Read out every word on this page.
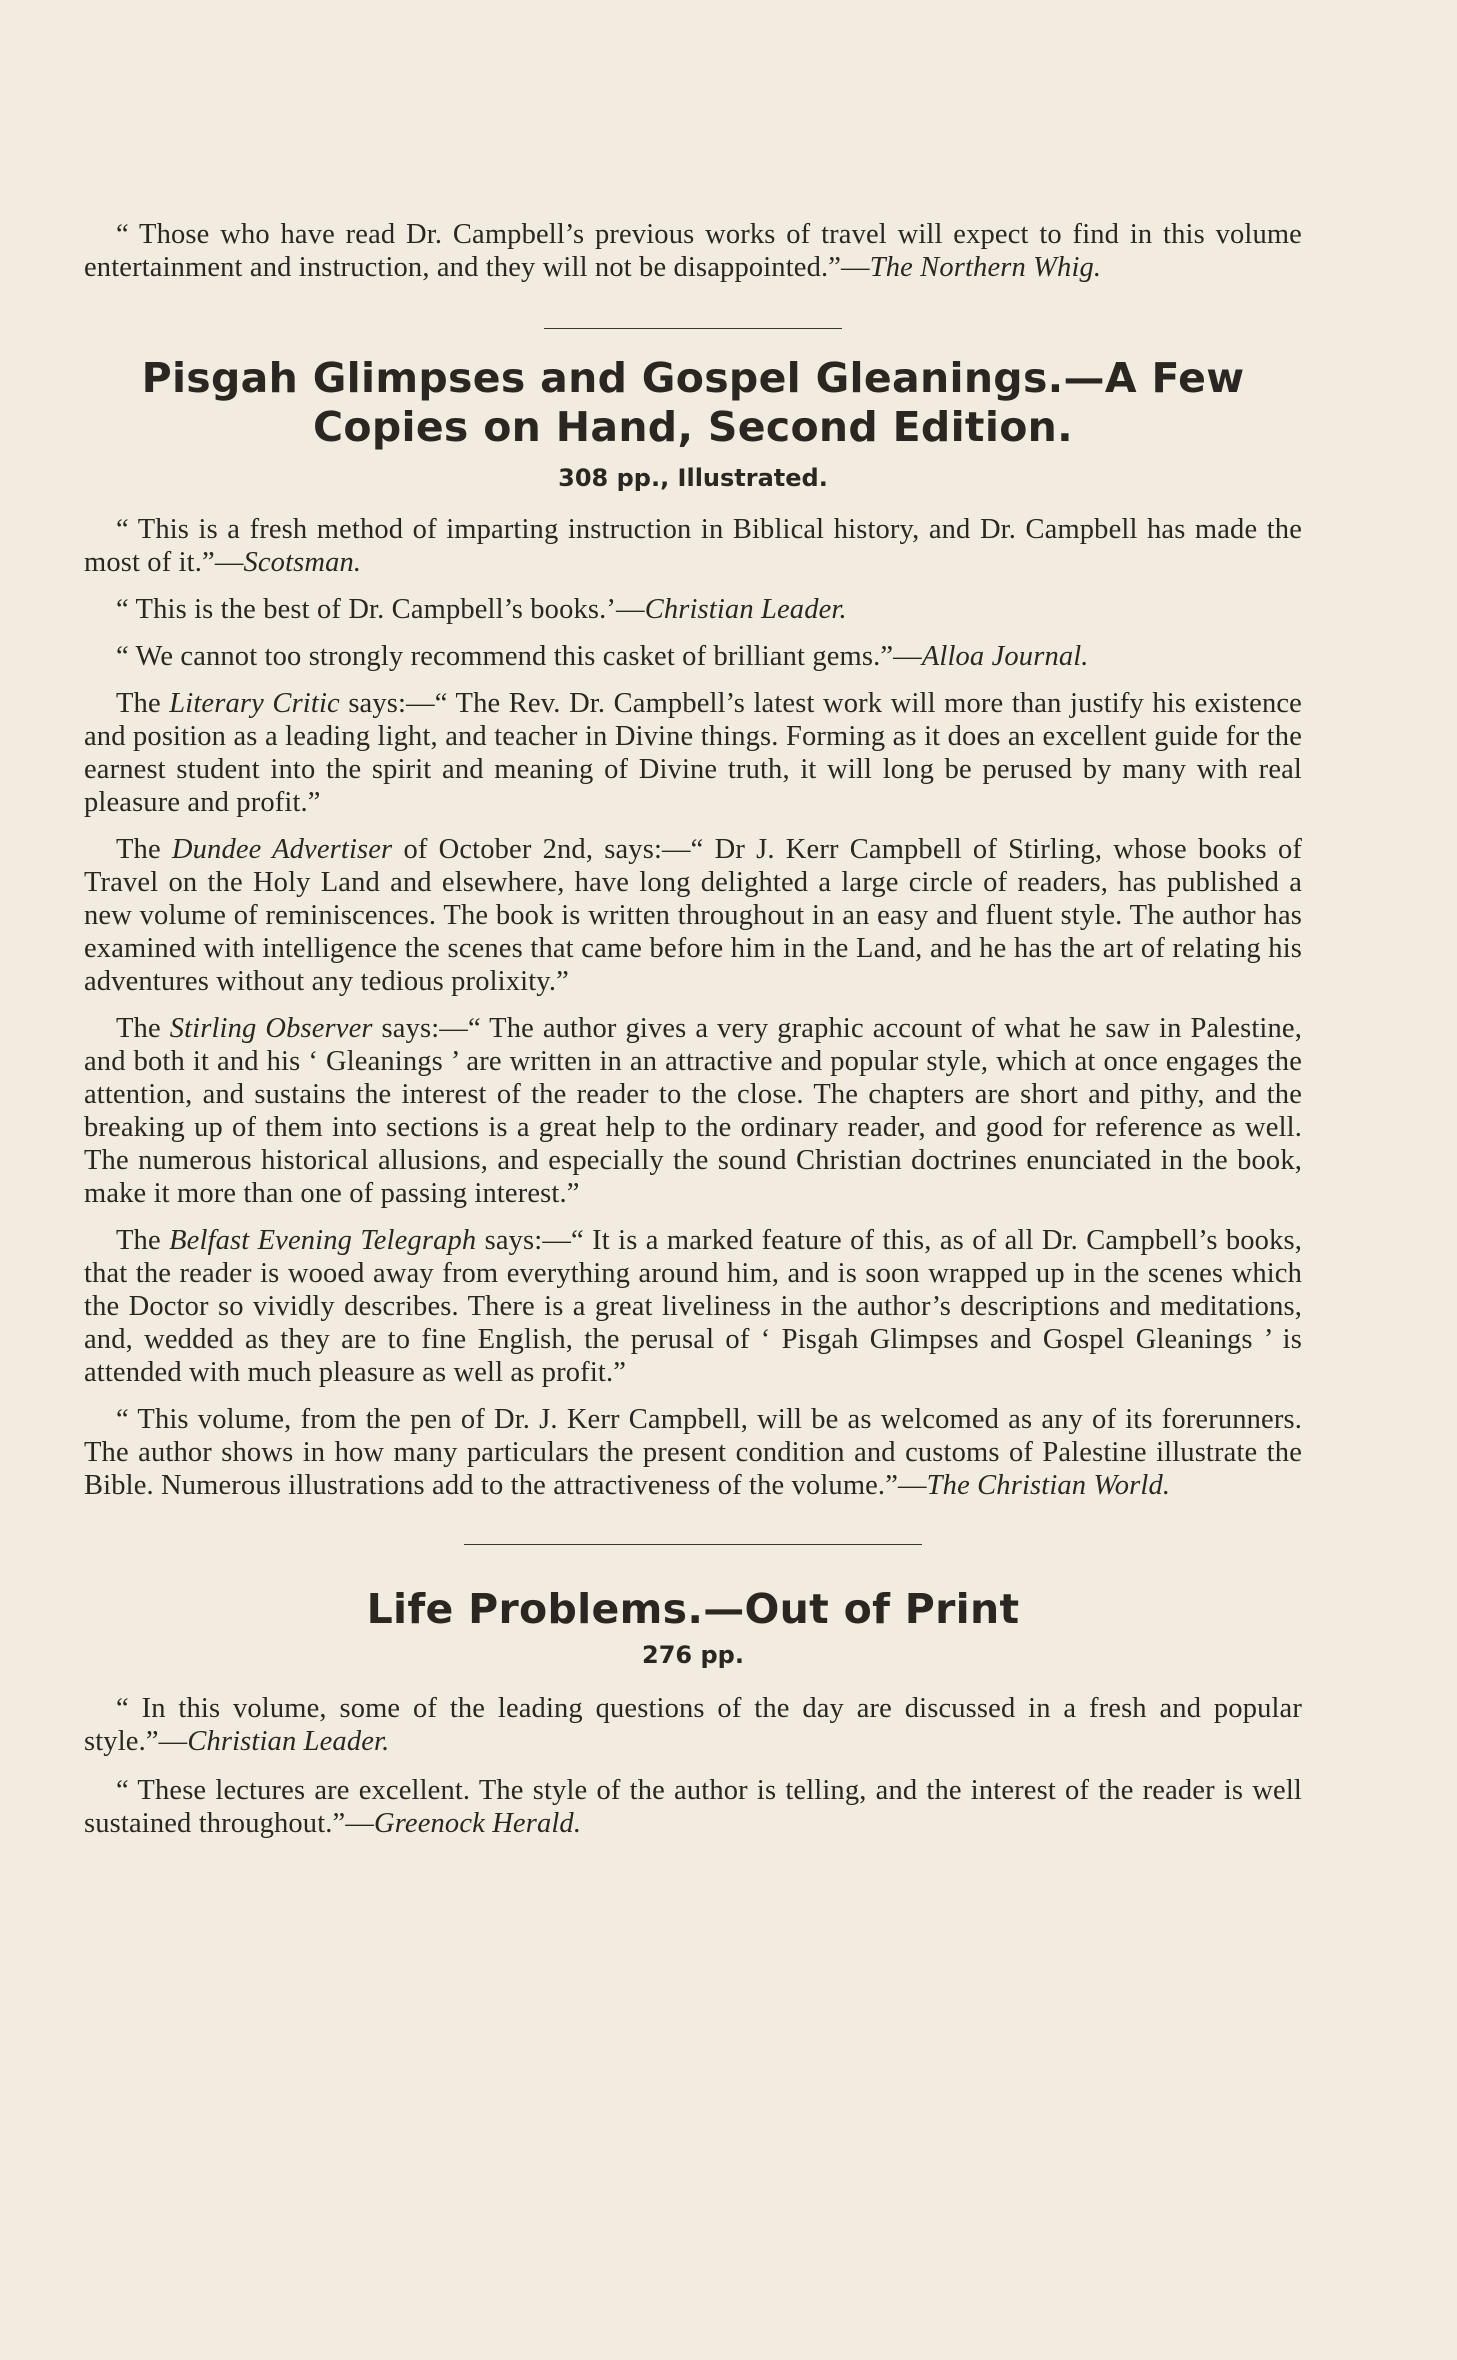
“ Those who have read Dr. Campbell’s previous works of travel will expect to find in this volume entertainment and instruction, and they will not be disappointed.”—The Northern Whig.

Pisgah Glimpses and Gospel Gleanings.—A Few
Copies on Hand, Second Edition.
308 pp., Illustrated.

“ This is a fresh method of imparting instruction in Biblical history, and Dr. Campbell has made the most of it.”—Scotsman.

“ This is the best of Dr. Campbell’s books.’—Christian Leader.

“ We cannot too strongly recommend this casket of brilliant gems.”—Alloa Journal.

The Literary Critic says:—“ The Rev. Dr. Campbell’s latest work will more than justify his existence and position as a leading light, and teacher in Divine things. Forming as it does an excellent guide for the earnest student into the spirit and meaning of Divine truth, it will long be perused by many with real pleasure and profit.”

The Dundee Advertiser of October 2nd, says:—“ Dr J. Kerr Campbell of Stirling, whose books of Travel on the Holy Land and elsewhere, have long delighted a large circle of readers, has published a new volume of reminiscences. The book is written throughout in an easy and fluent style. The author has examined with intelligence the scenes that came before him in the Land, and he has the art of relating his adventures without any tedious prolixity.”

The Stirling Observer says:—“ The author gives a very graphic account of what he saw in Palestine, and both it and his ‘ Gleanings ’ are written in an attractive and popular style, which at once engages the attention, and sustains the interest of the reader to the close. The chapters are short and pithy, and the breaking up of them into sections is a great help to the ordinary reader, and good for reference as well. The numerous historical allusions, and especially the sound Christian doctrines enunciated in the book, make it more than one of passing interest.”

The Belfast Evening Telegraph says:—“ It is a marked feature of this, as of all Dr. Campbell’s books, that the reader is wooed away from everything around him, and is soon wrapped up in the scenes which the Doctor so vividly describes. There is a great liveliness in the author’s descriptions and meditations, and, wedded as they are to fine English, the perusal of ‘ Pisgah Glimpses and Gospel Gleanings ’ is attended with much pleasure as well as profit.”

“ This volume, from the pen of Dr. J. Kerr Campbell, will be as welcomed as any of its forerunners. The author shows in how many particulars the present condition and customs of Palestine illustrate the Bible. Numerous illustrations add to the attractiveness of the volume.”—The Christian World.

Life Problems.—Out of Print
276 pp.

“ In this volume, some of the leading questions of the day are discussed in a fresh and popular style.”—Christian Leader.

“ These lectures are excellent. The style of the author is telling, and the interest of the reader is well sustained throughout.”—Greenock Herald.
